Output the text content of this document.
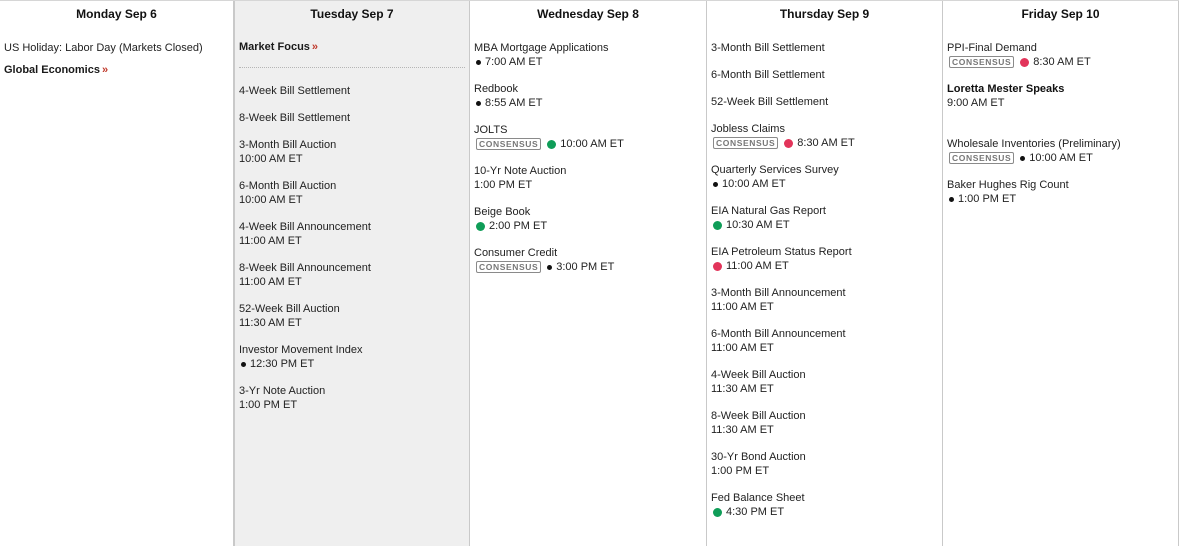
Monday Sep 6
US Holiday: Labor Day (Markets Closed)
Global Economics »
Tuesday Sep 7
Market Focus »
4-Week Bill Settlement
8-Week Bill Settlement
3-Month Bill Auction
10:00 AM ET
6-Month Bill Auction
10:00 AM ET
4-Week Bill Announcement
11:00 AM ET
8-Week Bill Announcement
11:00 AM ET
52-Week Bill Auction
11:30 AM ET
Investor Movement Index
12:30 PM ET
3-Yr Note Auction
1:00 PM ET
Wednesday Sep 8
MBA Mortgage Applications
7:00 AM ET
Redbook
8:55 AM ET
JOLTS
CONSENSUS 10:00 AM ET
10-Yr Note Auction
1:00 PM ET
Beige Book
2:00 PM ET
Consumer Credit
CONSENSUS 3:00 PM ET
Thursday Sep 9
3-Month Bill Settlement
6-Month Bill Settlement
52-Week Bill Settlement
Jobless Claims
CONSENSUS 8:30 AM ET
Quarterly Services Survey
10:00 AM ET
EIA Natural Gas Report
10:30 AM ET
EIA Petroleum Status Report
11:00 AM ET
3-Month Bill Announcement
11:00 AM ET
6-Month Bill Announcement
11:00 AM ET
4-Week Bill Auction
11:30 AM ET
8-Week Bill Auction
11:30 AM ET
30-Yr Bond Auction
1:00 PM ET
Fed Balance Sheet
4:30 PM ET
Friday Sep 10
PPI-Final Demand
CONSENSUS 8:30 AM ET
Loretta Mester Speaks
9:00 AM ET
Wholesale Inventories (Preliminary)
CONSENSUS 10:00 AM ET
Baker Hughes Rig Count
1:00 PM ET
